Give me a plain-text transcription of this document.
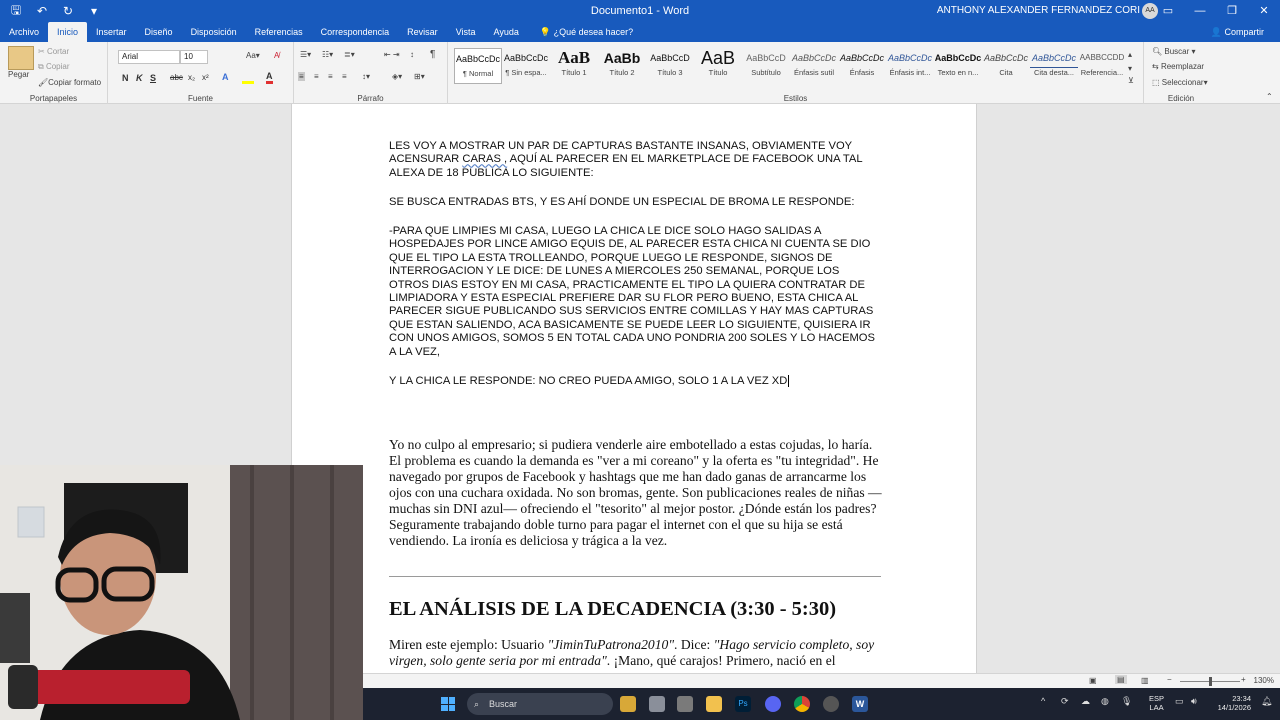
🖫 ↶ ↻	▾	Documento1 - Word	ANTHONY ALEXANDER FERNANDEZ CORI AA ▭	—	❐	✕
Archivo	Inicio	Insertar	Diseño	Disposición	Referencias	Correspondencia	Revisar	Vista	Ayuda	💡 ¿Qué desea hacer?	👤 Compartir
Pegar
✂ Cortar
⧉ Copiar
🖌Copiar formato
Portapapeles
Arial	10	Aa▾ A̸
N K S abc x₂ x² A	A
Fuente
☰▾ ☷▾ ≣▾	⇤ ⇥ ↕ ¶
≡ ≡ ≡ ≡ ↕▾	◈▾ ⊞▾
Párrafo
AaBbCcDc
¶ Normal
AaBbCcDc
¶ Sin espa...
AaB
Título 1
AaBb
Título 2
AaBbCcD
Título 3
AaB
Título
AaBbCcD
Subtítulo
AaBbCcDc
Énfasis sutil
AaBbCcDc
Énfasis
AaBbCcDc
Énfasis int...
AaBbCcDc
Texto en n...
AaBbCcDc
Cita
AaBbCcDc
Cita desta...
AABBCCDD
Referencia...
▴
▾
⊻
Estilos
🔍︎ Buscar ▾
⇆ Reemplazar
⬚ Seleccionar▾
Edición	⌃

LES VOY A MOSTRAR UN PAR DE CAPTURAS BASTANTE INSANAS, OBVIAMENTE VOY ACENSURAR CARAS , AQUÍ AL PARECER EN EL MARKETPLACE DE FACEBOOK UNA TAL ALEXA DE 18 PUBLICA LO SIGUIENTE:

SE BUSCA ENTRADAS BTS, Y ES AHÍ DONDE UN ESPECIAL DE BROMA LE RESPONDE:

-PARA QUE LIMPIES MI CASA, LUEGO LA CHICA LE DICE SOLO HAGO SALIDAS A HOSPEDAJES POR LINCE AMIGO EQUIS DE, AL PARECER ESTA CHICA NI CUENTA SE DIO QUE EL TIPO LA ESTA TROLLEANDO, PORQUE LUEGO LE RESPONDE, SIGNOS DE INTERROGACION Y LE DICE: DE LUNES A MIERCOLES 250 SEMANAL, PORQUE LOS OTROS DIAS ESTOY EN MI CASA, PRACTICAMENTE EL TIPO LA QUIERA CONTRATAR DE LIMPIADORA Y ESTA ESPECIAL PREFIERE DAR SU FLOR PERO BUENO, ESTA CHICA AL PARECER SIGUE PUBLICANDO SUS SERVICIOS ENTRE COMILLAS Y HAY MAS CAPTURAS QUE ESTAN SALIENDO, ACA BASICAMENTE SE PUEDE LEER LO SIGUIENTE, QUISIERA IR CON UNOS AMIGOS, SOMOS 5 EN TOTAL CADA UNO PONDRIA 200 SOLES Y LO HACEMOS A LA VEZ,

Y LA CHICA LE RESPONDE: NO CREO PUEDA AMIGO, SOLO 1 A LA VEZ XD

Yo no culpo al empresario; si pudiera venderle aire embotellado a estas cojudas, lo haría. El problema es cuando la demanda es "ver a mi coreano" y la oferta es "tu integridad". He navegado por grupos de Facebook y hashtags que me han dado ganas de arrancarme los ojos con una cuchara oxidada. No son bromas, gente. Son publicaciones reales de niñas —muchas sin DNI azul— ofreciendo el "tesorito" al mejor postor. ¿Dónde están los padres? Seguramente trabajando doble turno para pagar el internet con el que su hija se está vendiendo. La ironía es deliciosa y trágica a la vez.

EL ANÁLISIS DE LA DECADENCIA (3:30 - 5:30)

Miren este ejemplo: Usuario "JiminTuPatrona2010". Dice: "Hago servicio completo, soy virgen, solo gente seria por mi entrada". ¡Mano, qué carajos! Primero, nació en el

▣	▤ ▥ −	+ 130%
⌕ Buscar	Ps	W	^ ⟳ ☁ ◍ 🎙︎ ESP
LAA
▭ 🔊︎	23:34
14/1/2026
🔔︎
